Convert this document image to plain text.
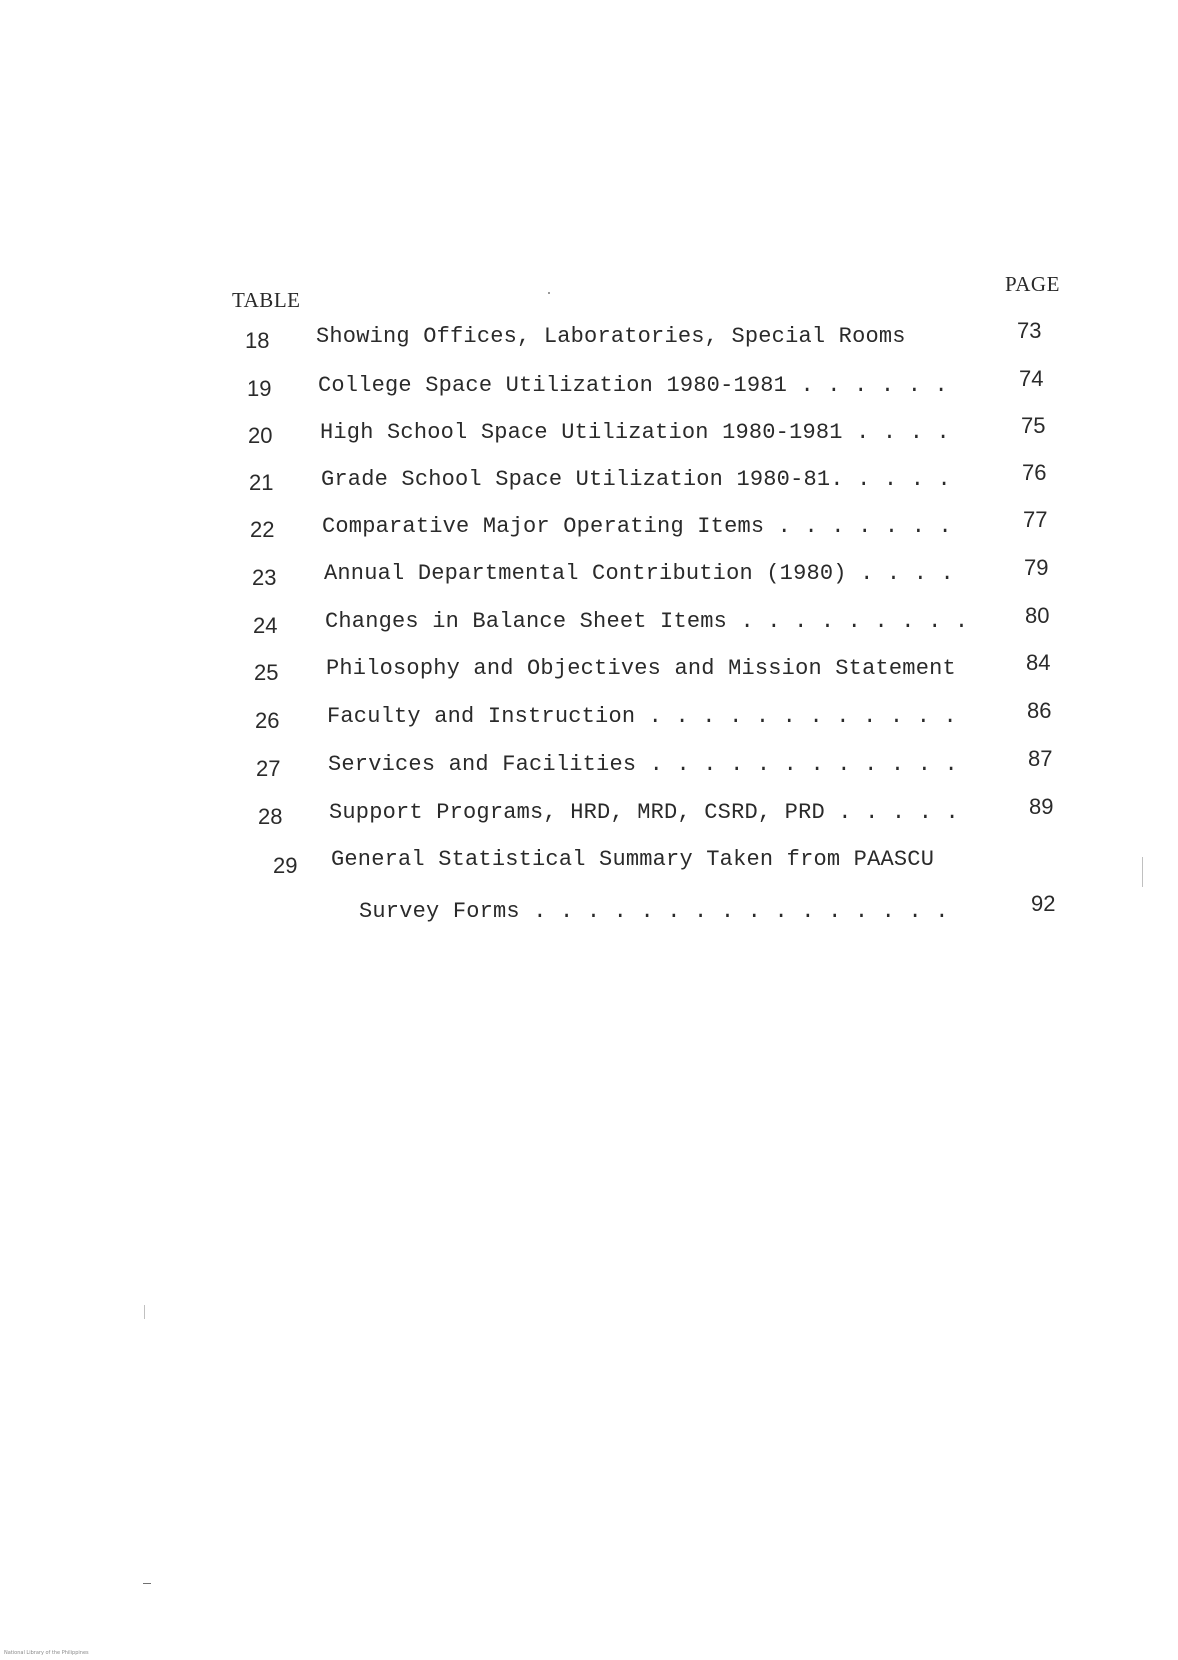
TABLE
PAGE
18	Showing Offices, Laboratories, Special Rooms	73
19	College Space Utilization 1980-1981 . . . . . .	74
20	High School Space Utilization 1980-1981 . . . .	75
21	Grade School Space Utilization 1980-81. . . . .	76
22	Comparative Major Operating Items . . . . . . .	77
23	Annual Departmental Contribution (1980) . . . .	79
24	Changes in Balance Sheet Items . . . . . . . . .	80
25	Philosophy and Objectives and Mission Statement	84
26	Faculty and Instruction . . . . . . . . . . . .	86
27	Services and Facilities . . . . . . . . . . . .	87
28	Support Programs, HRD, MRD, CSRD, PRD . . . . .	89
29	General Statistical Summary Taken from PAASCU
Survey Forms . . . . . . . . . . . . . . . .	92
National Library of the Philippines
